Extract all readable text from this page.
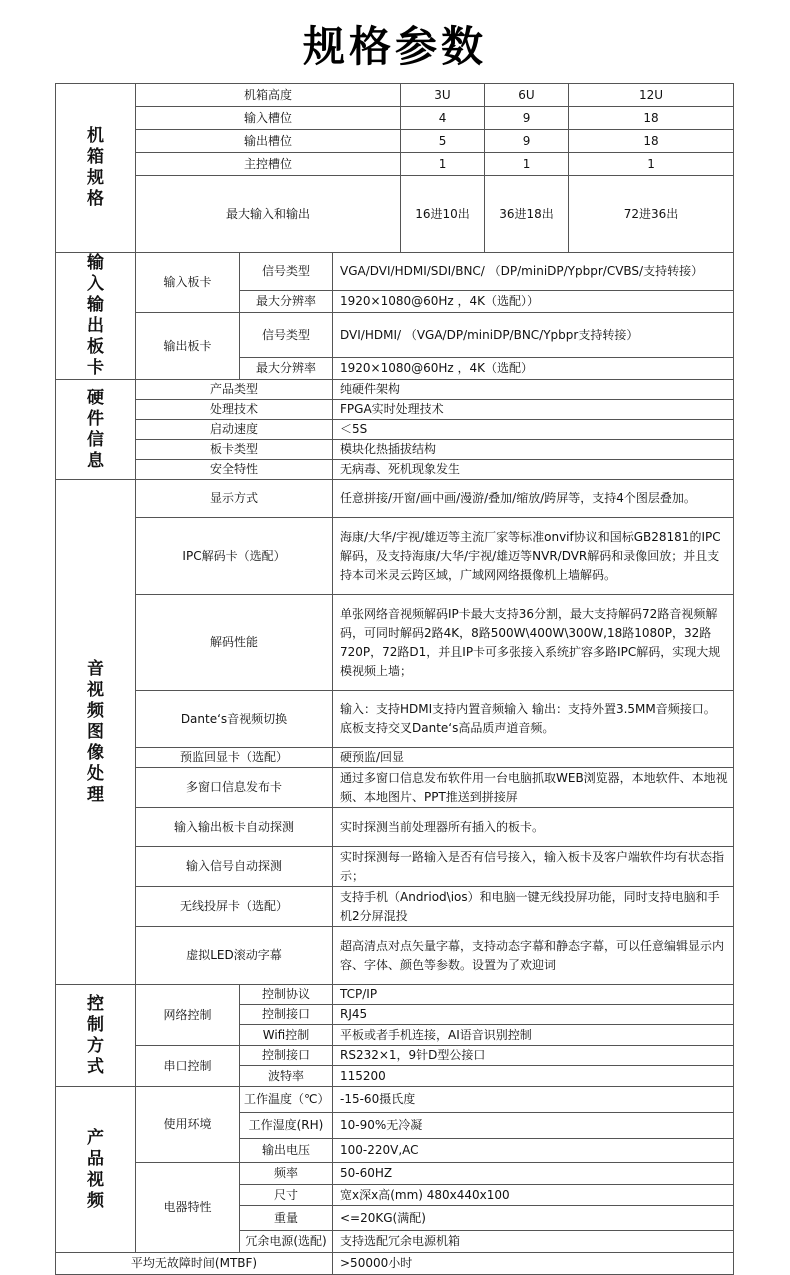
规格参数
机箱规格	机箱高度			3U	6U	12U	
	输入槽位			4	9	18	
	输出槽位			5	9	18	
	主控槽位			1	1	1	
	最大输入和输出			16进10出	36进18出	72进36出	
输入输出板卡	输入板卡	信号类型	VGA/DVI/HDMI/SDI/BNC/ （DP/miniDP/Ypbpr/CVBS/支持转接）				
		最大分辨率	1920×1080@60Hz ，4K（选配））				
	输出板卡	信号类型	DVI/HDMI/ （VGA/DP/miniDP/BNC/Ypbpr支持转接）				
		最大分辨率	1920×1080@60Hz ，4K（选配）				
硬件信息	产品类型		纯硬件架构				
	处理技术		FPGA实时处理技术				
	启动速度		＜5S				
	板卡类型		模块化热插拔结构				
	安全特性		无病毒、死机现象发生				
音视频图像处理	显示方式		任意拼接/开窗/画中画/漫游/叠加/缩放/跨屏等，支持4个图层叠加。				
	IPC解码卡（选配）		海康/大华/宇视/雄迈等主流厂家等标准onvif协议和国标GB28181的IPC解码，及支持海康/大华/宇视/雄迈等NVR/DVR解码和录像回放；并且支持本司米灵云跨区域，广域网网络摄像机上墙解码。				
	解码性能		单张网络音视频解码IP卡最大支持36分割，最大支持解码72路音视频解码，可同时解码2路4K，8路500W\400W\300W,18路1080P，32路720P，72路D1，并且IP卡可多张接入系统扩容多路IPC解码，实现大规模视频上墙；				
	Dante‘s音视频切换		输入：支持HDMI支持内置音频输入 输出：支持外置3.5MM音频接口。 底板支持交叉Dante‘s高品质声道音频。				
	预监回显卡（选配）		硬预监/回显				
	多窗口信息发布卡		通过多窗口信息发布软件用一台电脑抓取WEB浏览器，本地软件、本地视频、本地图片、PPT推送到拼接屏				
	输入输出板卡自动探测		实时探测当前处理器所有插入的板卡。				
	输入信号自动探测		实时探测每一路输入是否有信号接入，输入板卡及客户端软件均有状态指示；				
	无线投屏卡（选配）		支持手机（Andriod\ios）和电脑一键无线投屏功能，同时支持电脑和手机2分屏混投				
	虚拟LED滚动字幕		超高清点对点矢量字幕，支持动态字幕和静态字幕，可以任意编辑显示内容、字体、颜色等参数。设置为了欢迎词				
控制方式	网络控制	控制协议	TCP/IP				
		控制接口	RJ45				
		Wifi控制	平板或者手机连接，AI语音识别控制				
	串口控制	控制接口	RS232×1，9针D型公接口				
		波特率	115200				
产品视频	使用环境	工作温度（℃）	-15-60摄氏度				
		工作湿度(RH)	10-90%无冷凝				
		输出电压	100-220V,AC				
	电器特性	频率	50-60HZ				
		尺寸	宽x深x高(mm) 480x440x100				
		重量	<=20KG(满配)				
		冗余电源(选配)	支持选配冗余电源机箱				
平均无故障时间(MTBF)			>50000小时				
